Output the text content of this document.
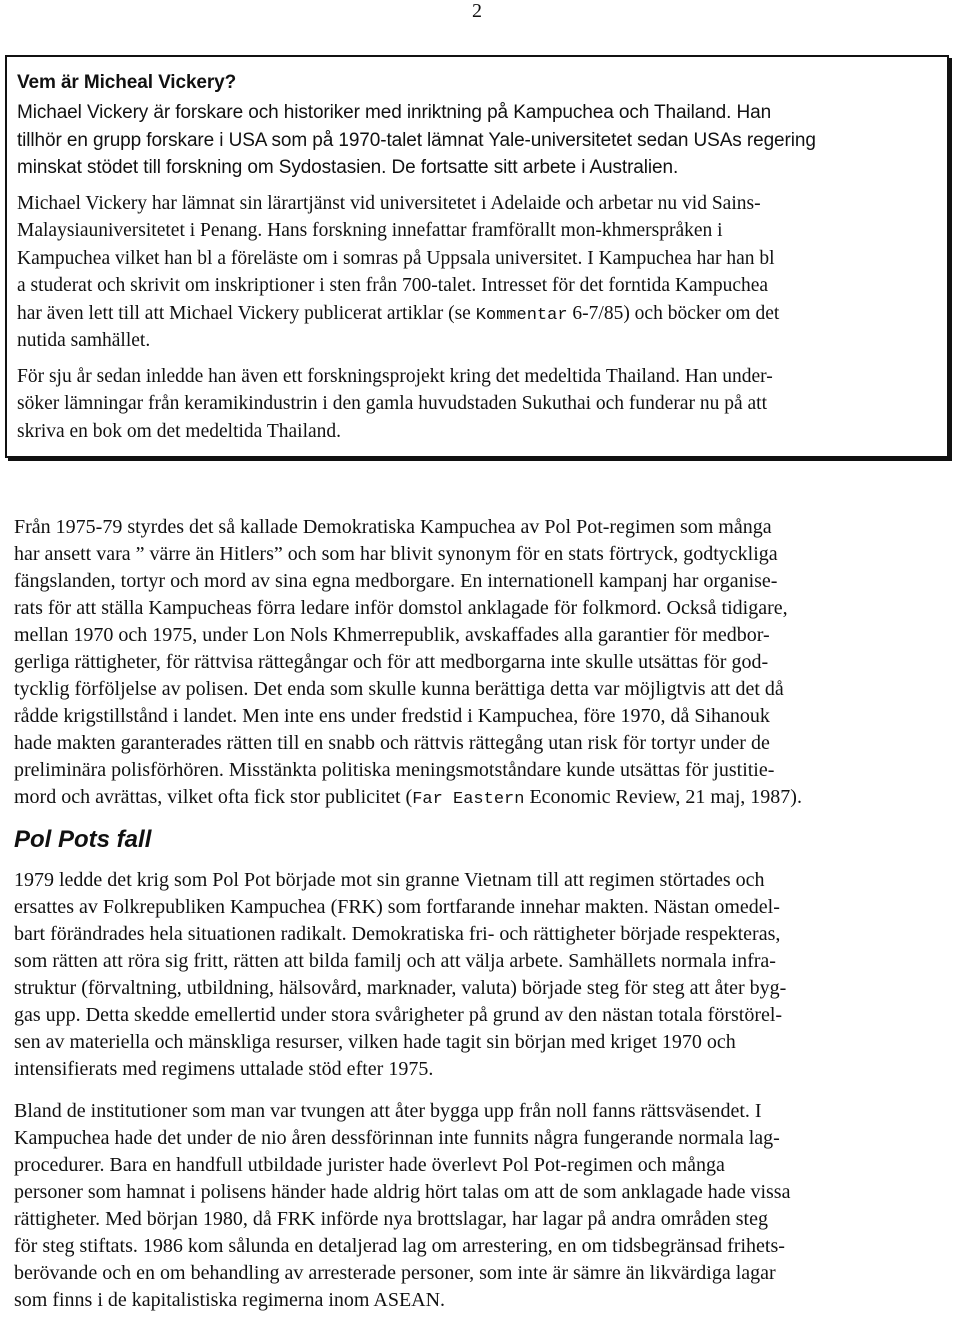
2
Vem är Micheal Vickery?
Michael Vickery är forskare och historiker med inriktning på Kampuchea och Thailand. Han
tillhör en grupp forskare i USA som på 1970-talet lämnat Yale-universitetet sedan USAs regering
minskat stödet till forskning om Sydostasien. De fortsatte sitt arbete i Australien.
Michael Vickery har lämnat sin lärartjänst vid universitetet i Adelaide och arbetar nu vid Sains-
Malaysiauniversitetet i Penang. Hans forskning innefattar framförallt mon-khmerspråken i
Kampuchea vilket han bl a föreläste om i somras på Uppsala universitet. I Kampuchea har han bl
a studerat och skrivit om inskriptioner i sten från 700-talet. Intresset för det forntida Kampuchea
har även lett till att Michael Vickery publicerat artiklar (se Kommentar 6-7/85) och böcker om det
nutida samhället.
För sju år sedan inledde han även ett forskningsprojekt kring det medeltida Thailand. Han under-
söker lämningar från keramikindustrin i den gamla huvudstaden Sukuthai och funderar nu på att
skriva en bok om det medeltida Thailand.
Från 1975-79 styrdes det så kallade Demokratiska Kampuchea av Pol Pot-regimen som många
har ansett vara ” värre än Hitlers” och som har blivit synonym för en stats förtryck, godtyckliga
fängslanden, tortyr och mord av sina egna medborgare. En internationell kampanj har organise-
rats för att ställa Kampucheas förra ledare inför domstol anklagade för folkmord. Också tidigare,
mellan 1970 och 1975, under Lon Nols Khmerrepublik, avskaffades alla garantier för medbor-
gerliga rättigheter, för rättvisa rättegångar och för att medborgarna inte skulle utsättas för god-
tycklig förföljelse av polisen. Det enda som skulle kunna berättiga detta var möjligtvis att det då
rådde krigstillstånd i landet. Men inte ens under fredstid i Kampuchea, före 1970, då Sihanouk
hade makten garanterades rätten till en snabb och rättvis rättegång utan risk för tortyr under de
preliminära polisförhören. Misstänkta politiska meningsmotståndare kunde utsättas för justitie-
mord och avrättas, vilket ofta fick stor publicitet (Far Eastern Economic Review, 21 maj, 1987).
Pol Pots fall
1979 ledde det krig som Pol Pot började mot sin granne Vietnam till att regimen störtades och
ersattes av Folkrepubliken Kampuchea (FRK) som fortfarande innehar makten. Nästan omedel-
bart förändrades hela situationen radikalt. Demokratiska fri- och rättigheter började respekteras,
som rätten att röra sig fritt, rätten att bilda familj och att välja arbete. Samhällets normala infra-
struktur (förvaltning, utbildning, hälsovård, marknader, valuta) började steg för steg att åter byg-
gas upp. Detta skedde emellertid under stora svårigheter på grund av den nästan totala förstörel-
sen av materiella och mänskliga resurser, vilken hade tagit sin början med kriget 1970 och
intensifierats med regimens uttalade stöd efter 1975.
Bland de institutioner som man var tvungen att åter bygga upp från noll fanns rättsväsendet. I
Kampuchea hade det under de nio åren dessförinnan inte funnits några fungerande normala lag-
procedurer. Bara en handfull utbildade jurister hade överlevt Pol Pot-regimen och många
personer som hamnat i polisens händer hade aldrig hört talas om att de som anklagade hade vissa
rättigheter. Med början 1980, då FRK införde nya brottslagar, har lagar på andra områden steg
för steg stiftats. 1986 kom sålunda en detaljerad lag om arrestering, en om tidsbegränsad frihets-
berövande och en om behandling av arresterade personer, som inte är sämre än likvärdiga lagar
som finns i de kapitalistiska regimerna inom ASEAN.
